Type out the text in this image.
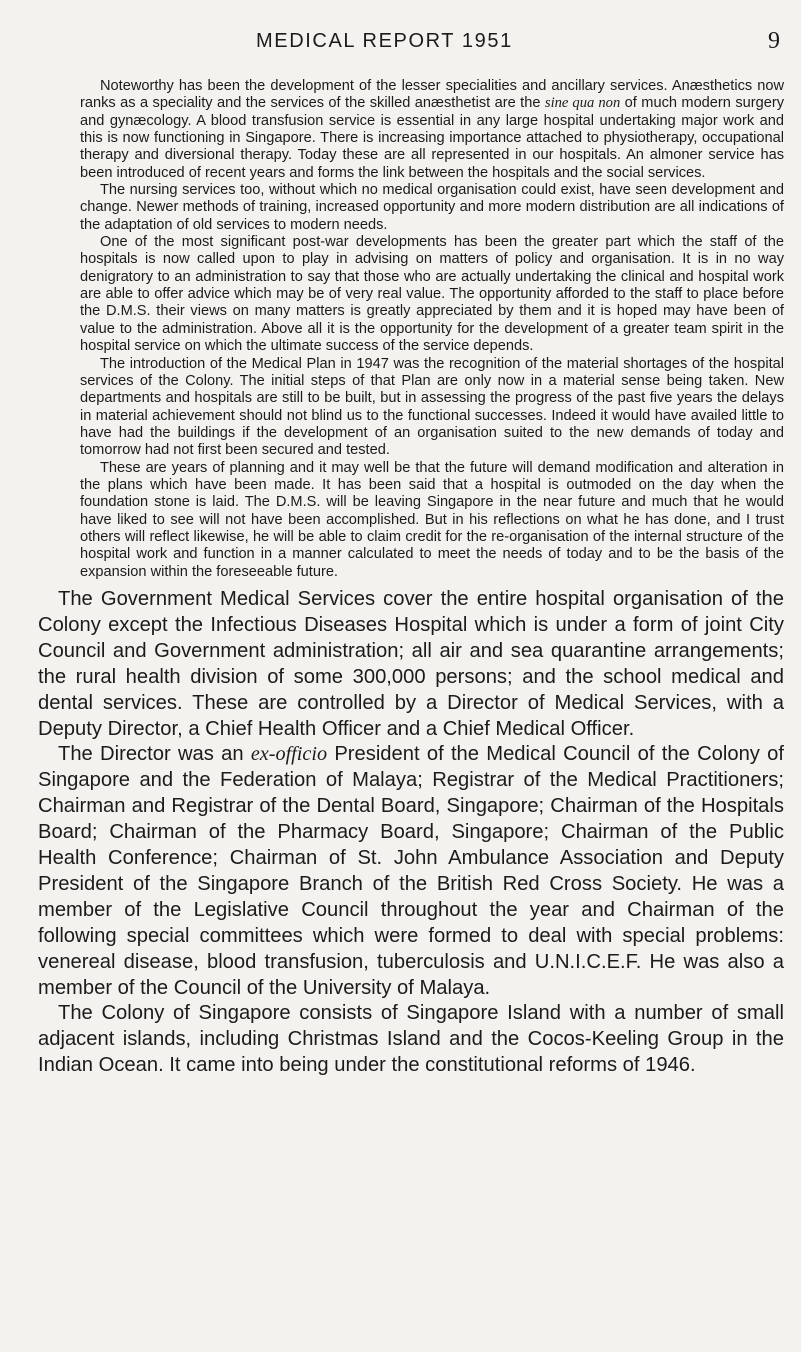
MEDICAL REPORT 1951	9

Noteworthy has been the development of the lesser specialities and ancillary services. Anæsthetics now ranks as a speciality and the services of the skilled anæsthetist are the sine qua non of much modern surgery and gynæcology. A blood transfusion service is essential in any large hospital undertaking major work and this is now functioning in Singapore. There is increasing importance attached to physiotherapy, occupational therapy and diversional therapy. Today these are all represented in our hospitals. An almoner service has been introduced of recent years and forms the link between the hospitals and the social services.

The nursing services too, without which no medical organisation could exist, have seen development and change. Newer methods of training, increased opportunity and more modern distribution are all indications of the adaptation of old services to modern needs.

One of the most significant post-war developments has been the greater part which the staff of the hospitals is now called upon to play in advising on matters of policy and organisation. It is in no way denigratory to an administration to say that those who are actually undertaking the clinical and hospital work are able to offer advice which may be of very real value. The opportunity afforded to the staff to place before the D.M.S. their views on many matters is greatly appreciated by them and it is hoped may have been of value to the administration. Above all it is the opportunity for the development of a greater team spirit in the hospital service on which the ultimate success of the service depends.

The introduction of the Medical Plan in 1947 was the recognition of the material shortages of the hospital services of the Colony. The initial steps of that Plan are only now in a material sense being taken. New departments and hospitals are still to be built, but in assessing the progress of the past five years the delays in material achievement should not blind us to the functional successes. Indeed it would have availed little to have had the buildings if the development of an organisation suited to the new demands of today and tomorrow had not first been secured and tested.

These are years of planning and it may well be that the future will demand modification and alteration in the plans which have been made. It has been said that a hospital is outmoded on the day when the foundation stone is laid. The D.M.S. will be leaving Singapore in the near future and much that he would have liked to see will not have been accomplished. But in his reflections on what he has done, and I trust others will reflect likewise, he will be able to claim credit for the re-organisation of the internal structure of the hospital work and function in a manner calculated to meet the needs of today and to be the basis of the expansion within the foreseeable future.

The Government Medical Services cover the entire hospital organisation of the Colony except the Infectious Diseases Hospital which is under a form of joint City Council and Government administration; all air and sea quarantine arrangements; the rural health division of some 300,000 persons; and the school medical and dental services. These are controlled by a Director of Medical Services, with a Deputy Director, a Chief Health Officer and a Chief Medical Officer.

The Director was an ex-officio President of the Medical Council of the Colony of Singapore and the Federation of Malaya; Registrar of the Medical Practitioners; Chairman and Registrar of the Dental Board, Singapore; Chairman of the Hospitals Board; Chairman of the Pharmacy Board, Singapore; Chairman of the Public Health Conference; Chairman of St. John Ambulance Association and Deputy President of the Singapore Branch of the British Red Cross Society. He was a member of the Legislative Council throughout the year and Chairman of the following special committees which were formed to deal with special problems: venereal disease, blood transfusion, tuberculosis and U.N.I.C.E.F. He was also a member of the Council of the University of Malaya.

The Colony of Singapore consists of Singapore Island with a number of small adjacent islands, including Christmas Island and the Cocos-Keeling Group in the Indian Ocean. It came into being under the constitutional reforms of 1946.
